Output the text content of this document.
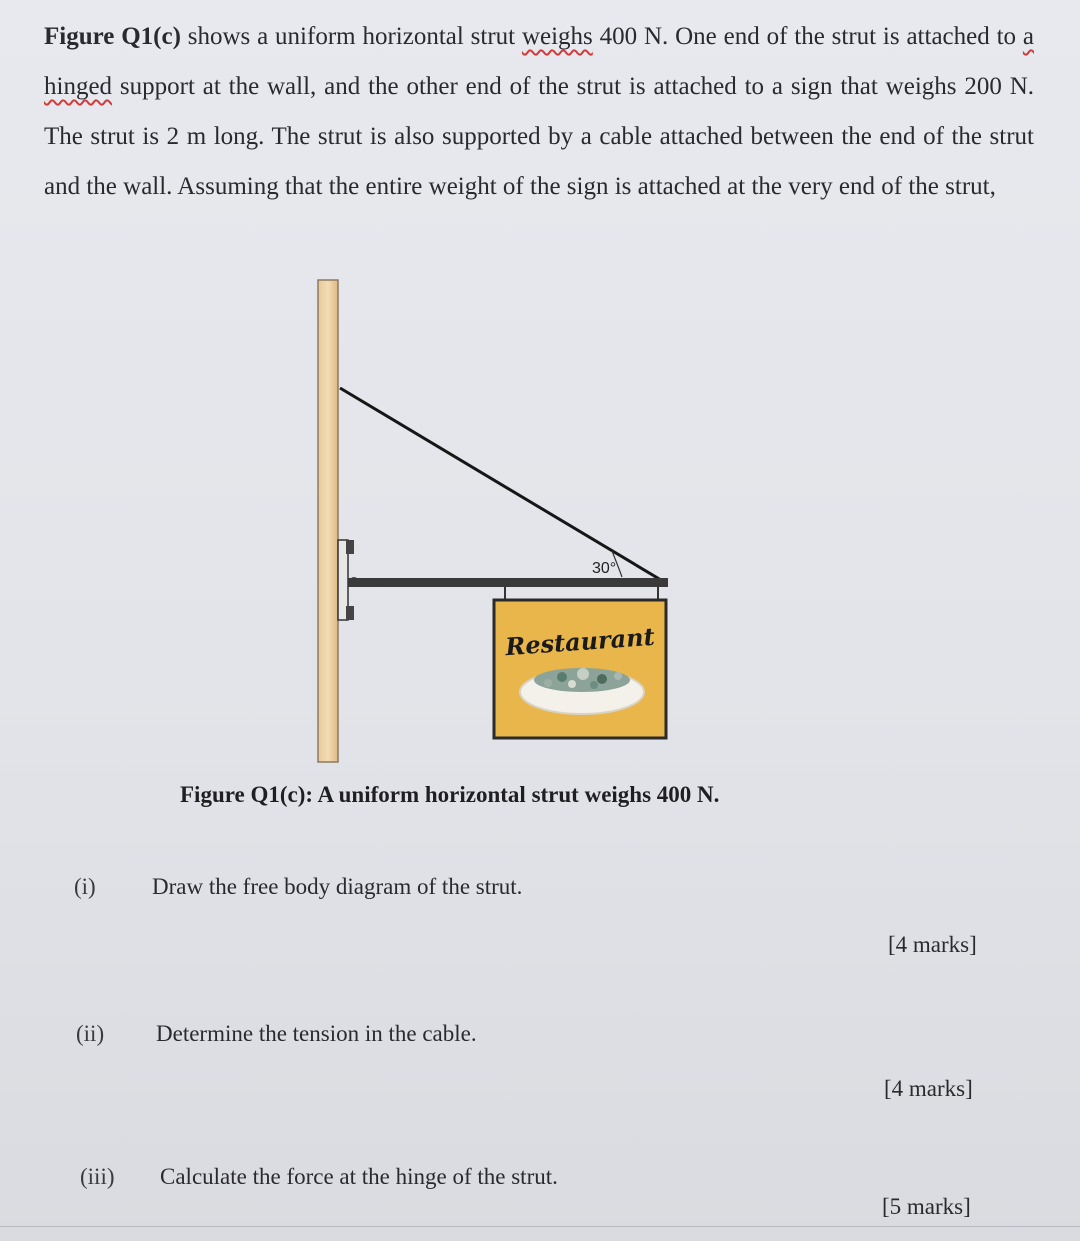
Figure Q1(c) shows a uniform horizontal strut weighs 400 N. One end of the strut is attached to a hinged support at the wall, and the other end of the strut is attached to a sign that weighs 200 N. The strut is 2 m long. The strut is also supported by a cable attached between the end of the strut and the wall. Assuming that the entire weight of the sign is attached at the very end of the strut,
30°
Restaurant
Figure Q1(c): A uniform horizontal strut weighs 400 N.
(i) Draw the free body diagram of the strut.
[4 marks]
(ii) Determine the tension in the cable.
[4 marks]
(iii) Calculate the force at the hinge of the strut.
[5 marks]
